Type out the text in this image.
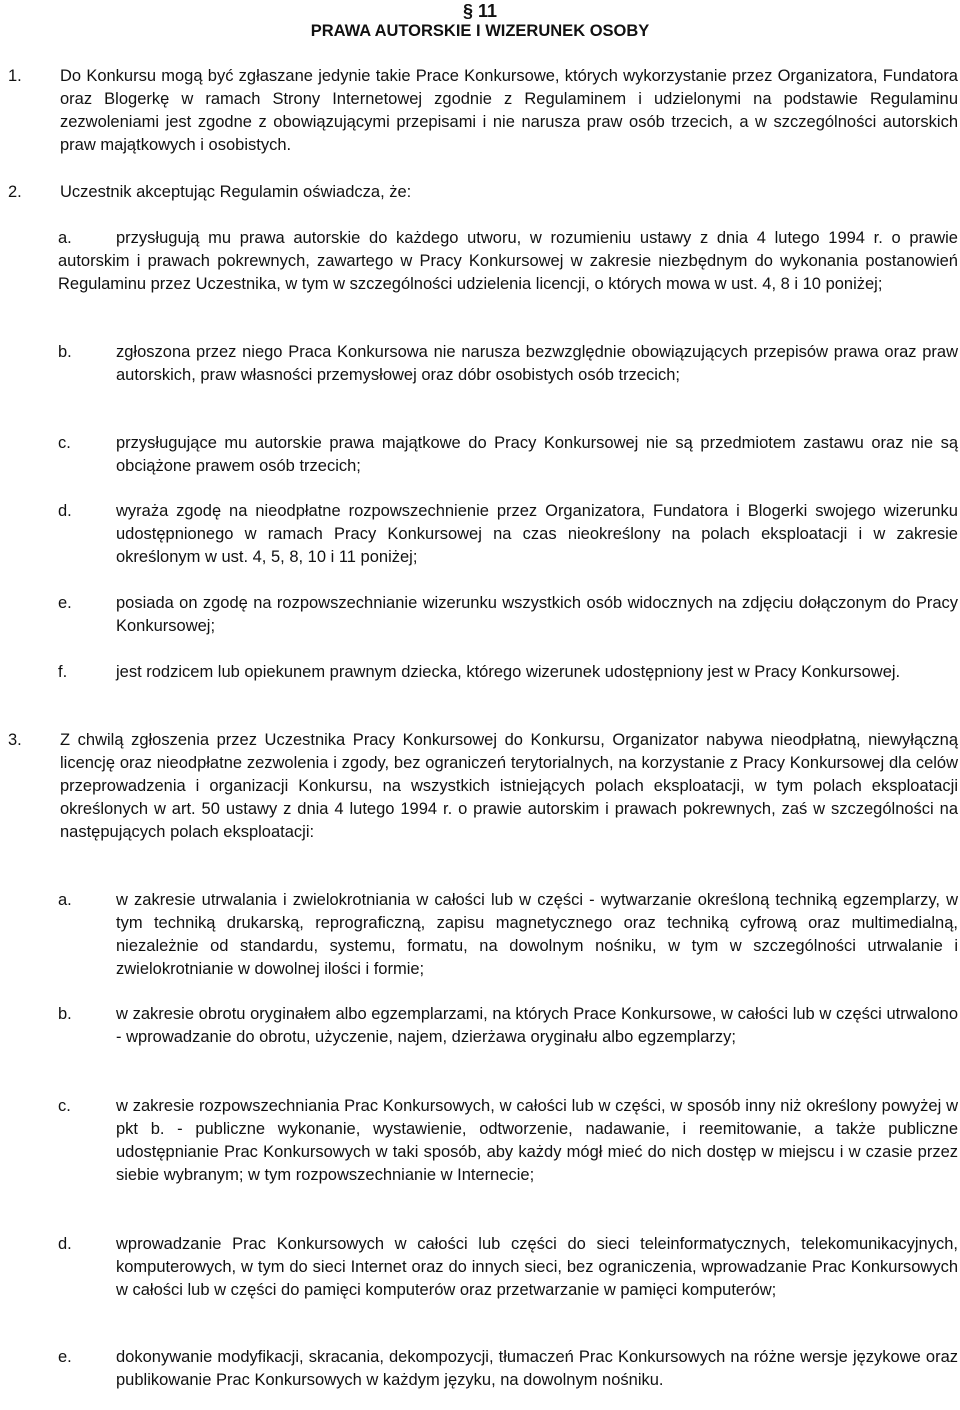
§ 11
PRAWA AUTORSKIE I WIZERUNEK OSOBY
1.	Do Konkursu mogą być zgłaszane jedynie takie Prace Konkursowe, których wykorzystanie przez Organizatora, Fundatora oraz Blogerkę w ramach Strony Internetowej zgodnie z Regulaminem i udzielonymi na podstawie Regulaminu zezwoleniami jest zgodne z obowiązującymi przepisami i nie narusza praw osób trzecich, a w szczególności autorskich praw majątkowych i osobistych.
2.	Uczestnik akceptując Regulamin oświadcza, że:
a.	przysługują mu prawa autorskie do każdego utworu, w rozumieniu ustawy z dnia 4 lutego 1994 r. o prawie autorskim i prawach pokrewnych, zawartego w Pracy Konkursowej w zakresie niezbędnym do wykonania postanowień Regulaminu przez Uczestnika, w tym w szczególności udzielenia licencji, o których mowa w ust. 4, 8 i 10 poniżej;
b.	zgłoszona przez niego Praca Konkursowa nie narusza bezwzględnie obowiązujących przepisów prawa oraz praw autorskich, praw własności przemysłowej oraz dóbr osobistych osób trzecich;
c.	przysługujące mu autorskie prawa majątkowe do Pracy Konkursowej nie są przedmiotem zastawu oraz nie są obciążone prawem osób trzecich;
d.	wyraża zgodę na nieodpłatne rozpowszechnienie przez Organizatora, Fundatora i Blogerki swojego wizerunku udostępnionego w ramach Pracy Konkursowej na czas nieokreślony na polach eksploatacji i w zakresie określonym w ust. 4, 5, 8, 10 i 11 poniżej;
e.	posiada on zgodę na rozpowszechnianie wizerunku wszystkich osób widocznych na zdjęciu dołączonym do Pracy Konkursowej;
f.	jest rodzicem lub opiekunem prawnym dziecka, którego wizerunek udostępniony jest w Pracy Konkursowej.
3.	Z chwilą zgłoszenia przez Uczestnika Pracy Konkursowej do Konkursu, Organizator nabywa nieodpłatną, niewyłączną licencję oraz nieodpłatne zezwolenia i zgody, bez ograniczeń terytorialnych, na korzystanie z Pracy Konkursowej dla celów przeprowadzenia i organizacji Konkursu, na wszystkich istniejących polach eksploatacji, w tym polach eksploatacji określonych w art. 50 ustawy z dnia 4 lutego 1994 r. o prawie autorskim i prawach pokrewnych, zaś w szczególności na następujących polach eksploatacji:
a.	w zakresie utrwalania i zwielokrotniania w całości lub w części - wytwarzanie określoną techniką egzemplarzy, w tym techniką drukarską, reprograficzną, zapisu magnetycznego oraz techniką cyfrową oraz multimedialną, niezależnie od standardu, systemu, formatu, na dowolnym nośniku, w tym w szczególności utrwalanie i zwielokrotnianie w dowolnej ilości i formie;
b.	w zakresie obrotu oryginałem albo egzemplarzami, na których Prace Konkursowe, w całości lub w części utrwalono - wprowadzanie do obrotu, użyczenie, najem, dzierżawa oryginału albo egzemplarzy;
c.	w zakresie rozpowszechniania Prac Konkursowych, w całości lub w części, w sposób inny niż określony powyżej w pkt b. - publiczne wykonanie, wystawienie, odtworzenie, nadawanie, i reemitowanie, a także publiczne udostępnianie Prac Konkursowych w taki sposób, aby każdy mógł mieć do nich dostęp w miejscu i w czasie przez siebie wybranym; w tym rozpowszechnianie w Internecie;
d.	wprowadzanie Prac Konkursowych w całości lub części do sieci teleinformatycznych, telekomunikacyjnych, komputerowych, w tym do sieci Internet oraz do innych sieci, bez ograniczenia, wprowadzanie Prac Konkursowych w całości lub w części do pamięci komputerów oraz przetwarzanie w pamięci komputerów;
e.	dokonywanie modyfikacji, skracania, dekompozycji, tłumaczeń Prac Konkursowych na różne wersje językowe oraz publikowanie Prac Konkursowych w każdym języku, na dowolnym nośniku.
